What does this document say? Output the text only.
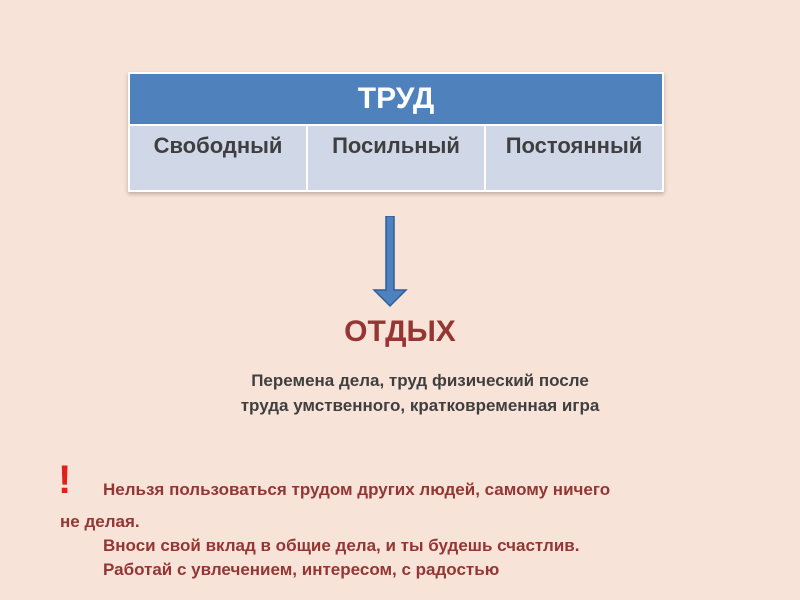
ТРУД
Свободный	Посильный	Постоянный
ОТДЫХ
Перемена дела, труд физический после
труда умственного, кратковременная игра
! Нельзя пользоваться трудом других людей, самому ничего
не делая.
Вноси свой вклад в общие дела, и ты будешь счастлив.
Работай с увлечением, интересом, с радостью
